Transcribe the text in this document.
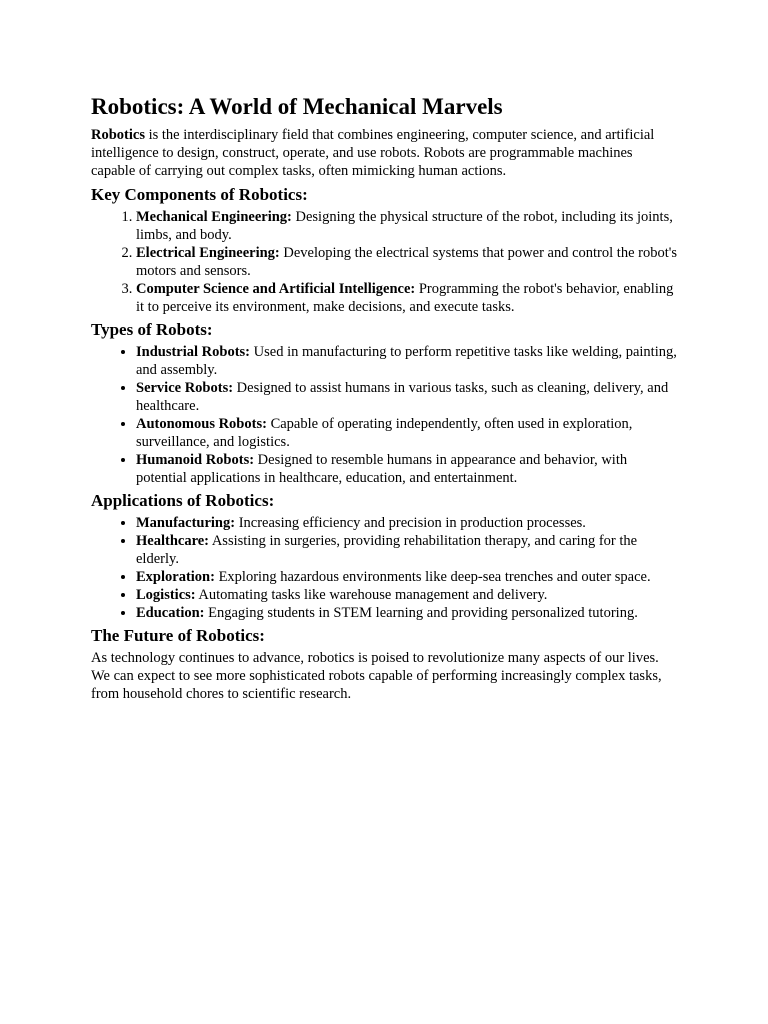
Robotics: A World of Mechanical Marvels

Robotics is the interdisciplinary field that combines engineering, computer science, and artificial intelligence to design, construct, operate, and use robots. Robots are programmable machines capable of carrying out complex tasks, often mimicking human actions.

Key Components of Robotics:
1. Mechanical Engineering: Designing the physical structure of the robot, including its joints, limbs, and body.
2. Electrical Engineering: Developing the electrical systems that power and control the robot's motors and sensors.
3. Computer Science and Artificial Intelligence: Programming the robot's behavior, enabling it to perceive its environment, make decisions, and execute tasks.
Types of Robots:
• Industrial Robots: Used in manufacturing to perform repetitive tasks like welding, painting, and assembly.
• Service Robots: Designed to assist humans in various tasks, such as cleaning, delivery, and healthcare.
• Autonomous Robots: Capable of operating independently, often used in exploration, surveillance, and logistics.
• Humanoid Robots: Designed to resemble humans in appearance and behavior, with potential applications in healthcare, education, and entertainment.
Applications of Robotics:
• Manufacturing: Increasing efficiency and precision in production processes.
• Healthcare: Assisting in surgeries, providing rehabilitation therapy, and caring for the elderly.
• Exploration: Exploring hazardous environments like deep-sea trenches and outer space.
• Logistics: Automating tasks like warehouse management and delivery.
• Education: Engaging students in STEM learning and providing personalized tutoring.
The Future of Robotics:

As technology continues to advance, robotics is poised to revolutionize many aspects of our lives. We can expect to see more sophisticated robots capable of performing increasingly complex tasks, from household chores to scientific research.
